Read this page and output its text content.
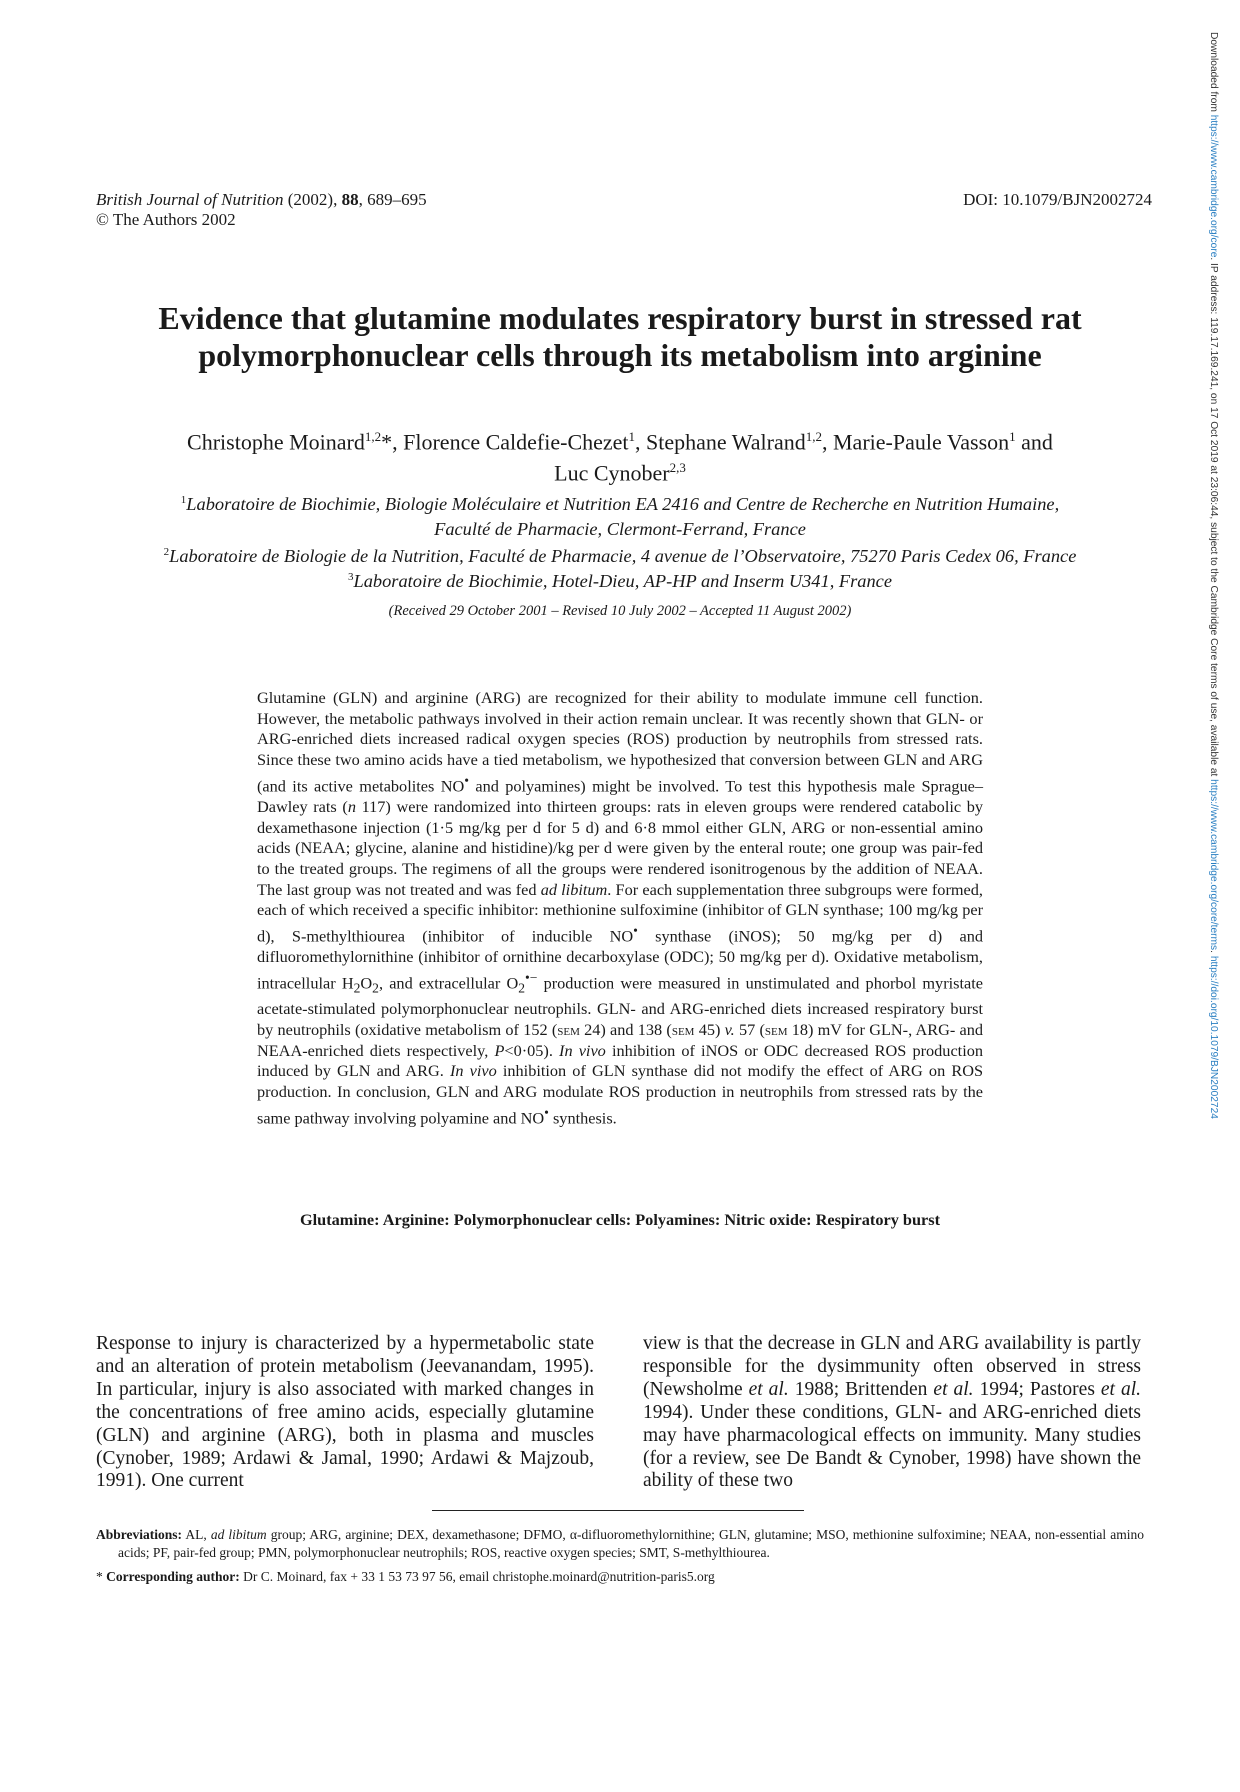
British Journal of Nutrition (2002), 88, 689–695
© The Authors 2002
DOI: 10.1079/BJN2002724
Downloaded from https://www.cambridge.org/core. IP address: 119.17.169.241, on 17 Oct 2019 at 23:06:44, subject to the Cambridge Core terms of use, available at https://www.cambridge.org/core/terms. https://doi.org/10.1079/BJN2002724
Evidence that glutamine modulates respiratory burst in stressed rat
polymorphonuclear cells through its metabolism into arginine
Christophe Moinard$^{1,2}$*, Florence Caldefie-Chezet$^1$, Stephane Walrand$^{1,2}$, Marie-Paule Vasson$^1$ and
Luc Cynober$^{2,3}$
$^1$Laboratoire de Biochimie, Biologie Moléculaire et Nutrition EA 2416 and Centre de Recherche en Nutrition Humaine,
Faculté de Pharmacie, Clermont-Ferrand, France
$^2$Laboratoire de Biologie de la Nutrition, Faculté de Pharmacie, 4 avenue de l’Observatoire, 75270 Paris Cedex 06, France
$^3$Laboratoire de Biochimie, Hotel-Dieu, AP-HP and Inserm U341, France
(Received 29 October 2001 – Revised 10 July 2002 – Accepted 11 August 2002)
Glutamine (GLN) and arginine (ARG) are recognized for their ability to modulate immune cell function. However, the metabolic pathways involved in their action remain unclear. It was recently shown that GLN- or ARG-enriched diets increased radical oxygen species (ROS) production by neutrophils from stressed rats. Since these two amino acids have a tied metabolism, we hypothesized that conversion between GLN and ARG (and its active metabolites NO• and polyamines) might be involved. To test this hypothesis male Sprague–Dawley rats (n 117) were randomized into thirteen groups: rats in eleven groups were rendered catabolic by dexamethasone injection (1·5 mg/kg per d for 5 d) and 6·8 mmol either GLN, ARG or non-essential amino acids (NEAA; glycine, alanine and histidine)/kg per d were given by the enteral route; one group was pair-fed to the treated groups. The regimens of all the groups were rendered isonitrogenous by the addition of NEAA. The last group was not treated and was fed ad libitum. For each supplementation three subgroups were formed, each of which received a specific inhibitor: methionine sulfoximine (inhibitor of GLN synthase; 100 mg/kg per d), S-methylthiourea (inhibitor of inducible NO• synthase (iNOS); 50 mg/kg per d) and difluoromethylornithine (inhibitor of ornithine decarboxylase (ODC); 50 mg/kg per d). Oxidative metabolism, intracellular $H_2O_2$, and extracellular $O_2^{•-}$ production were measured in unstimulated and phorbol myristate acetate-stimulated polymorphonuclear neutrophils. GLN- and ARG-enriched diets increased respiratory burst by neutrophils (oxidative metabolism of 152 (sem 24) and 138 (sem 45) v. 57 (sem 18) mV for GLN-, ARG- and NEAA-enriched diets respectively, P<0·05). In vivo inhibition of iNOS or ODC decreased ROS production induced by GLN and ARG. In vivo inhibition of GLN synthase did not modify the effect of ARG on ROS production. In conclusion, GLN and ARG modulate ROS production in neutrophils from stressed rats by the same pathway involving polyamine and NO• synthesis.
Glutamine: Arginine: Polymorphonuclear cells: Polyamines: Nitric oxide: Respiratory burst
Response to injury is characterized by a hypermetabolic state and an alteration of protein metabolism (Jeevanandam, 1995). In particular, injury is also associated with marked changes in the concentrations of free amino acids, especially glutamine (GLN) and arginine (ARG), both in plasma and muscles (Cynober, 1989; Ardawi & Jamal, 1990; Ardawi & Majzoub, 1991). One current
view is that the decrease in GLN and ARG availability is partly responsible for the dysimmunity often observed in stress (Newsholme et al. 1988; Brittenden et al. 1994; Pastores et al. 1994). Under these conditions, GLN- and ARG-enriched diets may have pharmacological effects on immunity. Many studies (for a review, see De Bandt & Cynober, 1998) have shown the ability of these two

Abbreviations: AL, ad libitum group; ARG, arginine; DEX, dexamethasone; DFMO, α-difluoromethylornithine; GLN, glutamine; MSO, methionine sulfoximine; NEAA, non-essential amino acids; PF, pair-fed group; PMN, polymorphonuclear neutrophils; ROS, reactive oxygen species; SMT, S-methylthiourea.

* Corresponding author: Dr C. Moinard, fax + 33 1 53 73 97 56, email christophe.moinard@nutrition-paris5.org
